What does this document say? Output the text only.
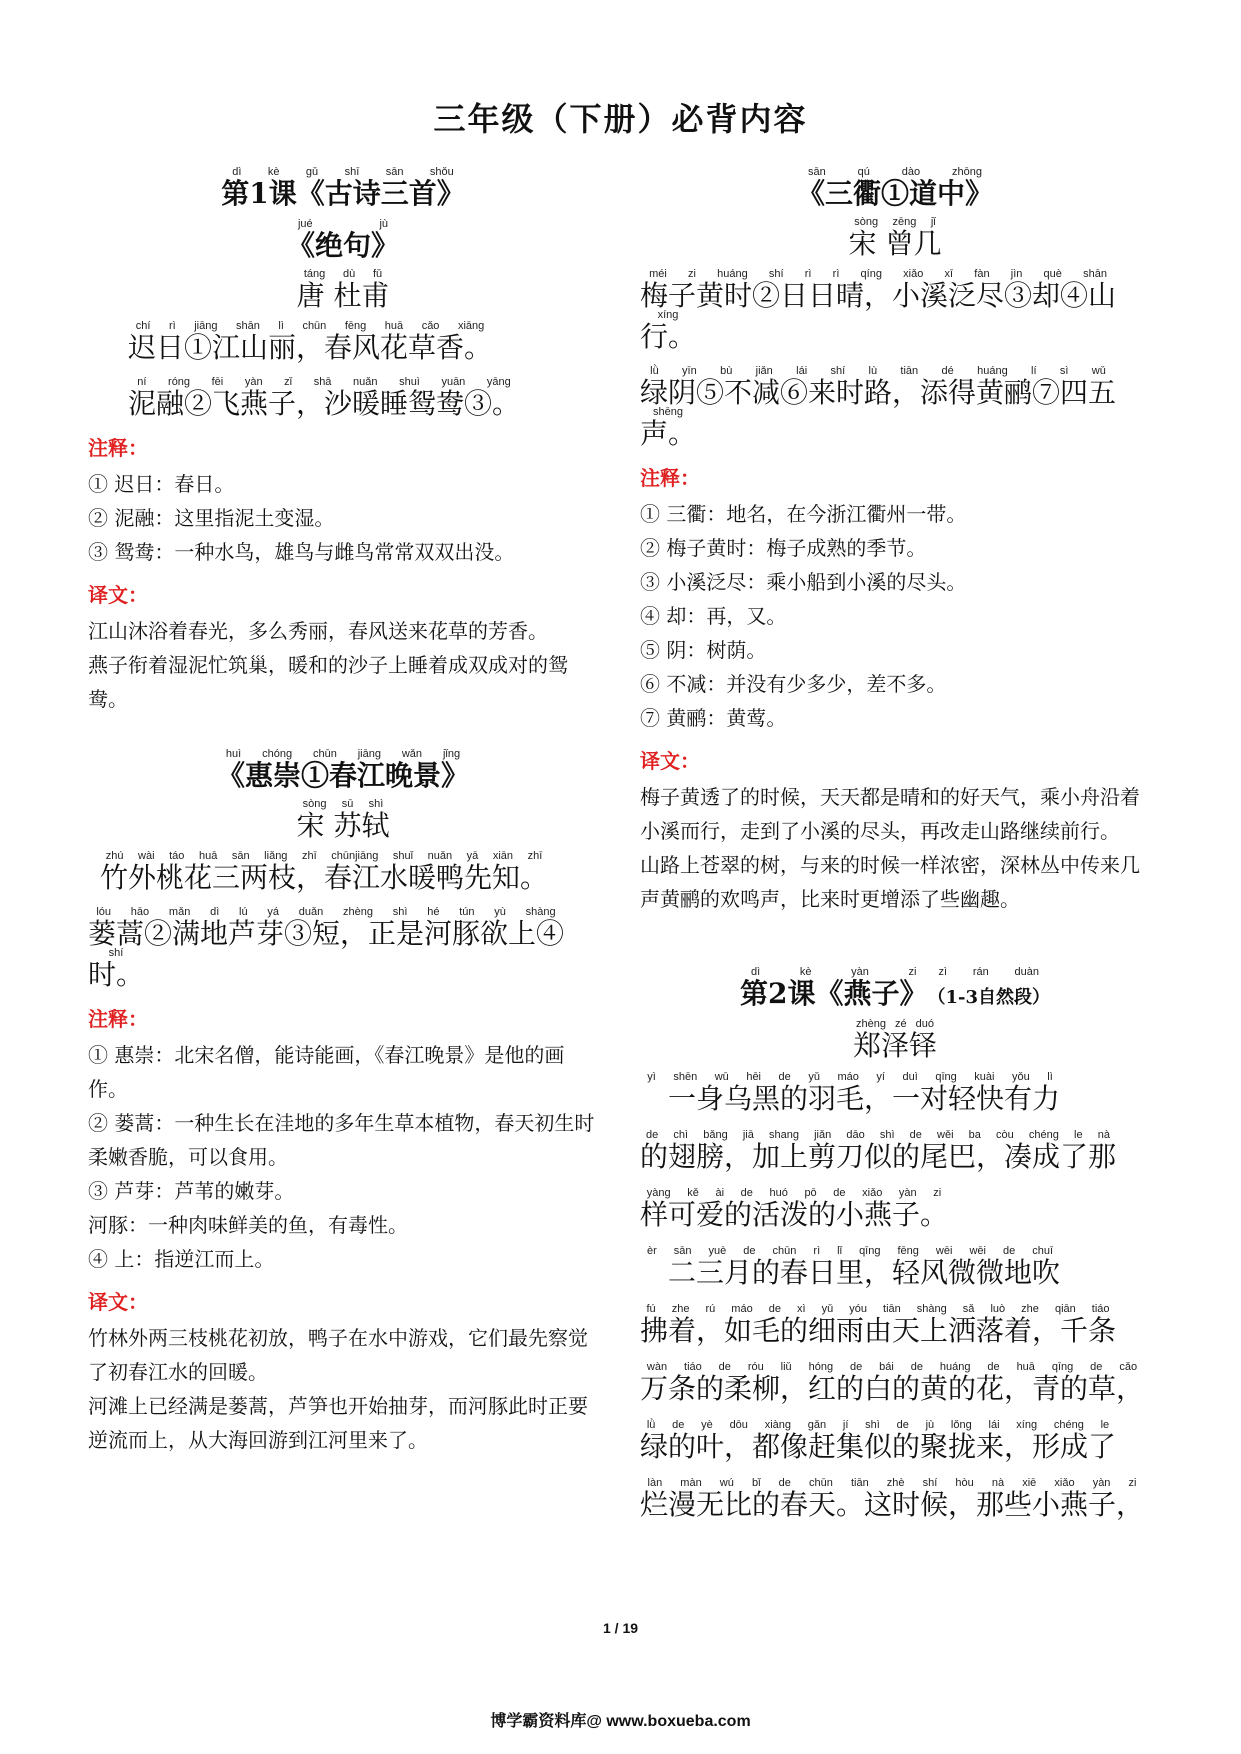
三年级（下册）必背内容
第1课《古诗三首》dì kè gǔ shī sān shǒu
《绝句》jué jù
唐 杜甫táng dù fǔ
迟日①江山丽，春风花草香。chí rì jiāng shān lì chūn fēng huā cǎo xiāng
泥融②飞燕子，沙暖睡鸳鸯③。ní róng fēi yàn zǐ shā nuǎn shuì yuān yāng
注释：

① 迟日：春日。

② 泥融：这里指泥土变湿。

③ 鸳鸯：一种水鸟，雄鸟与雌鸟常常双双出没。

译文：

江山沐浴着春光，多么秀丽，春风送来花草的芳香。

燕子衔着湿泥忙筑巢，暖和的沙子上睡着成双成对的鸳鸯。

《惠崇①春江晚景》huì chóng chūn jiāng wǎn jǐng
宋 苏轼sòng sū shì
竹外桃花三两枝，春江水暖鸭先知。zhú wài táo huā sān liǎng zhī chūnjiāng shuǐ nuǎn yā xiān zhī
蒌蒿②满地芦芽③短，正是河豚欲上④时。lóu hāo mǎn dì lú yá duǎn zhèng shì hé tún yù shàng shí
注释：

① 惠崇：北宋名僧，能诗能画，《春江晚景》是他的画作。

② 蒌蒿：一种生长在洼地的多年生草本植物，春天初生时柔嫩香脆，可以食用。

③ 芦芽：芦苇的嫩芽。

河豚：一种肉味鲜美的鱼，有毒性。

④ 上：指逆江而上。

译文：

竹林外两三枝桃花初放，鸭子在水中游戏，它们最先察觉了初春江水的回暖。

河滩上已经满是蒌蒿，芦笋也开始抽芽，而河豚此时正要逆流而上，从大海回游到江河里来了。

《三衢①道中》sān qú dào zhōng
宋 曾几sòng zēng jǐ
梅子黄时②日日晴，小溪泛尽③却④山行。méi zi huáng shí rì rì qíng xiǎo xī fàn jìn què shān xíng
绿阴⑤不减⑥来时路，添得黄鹂⑦四五声。lǜ yīn bù jiǎn lái shí lù tiān dé huáng lí sì wǔ shēng
注释：

① 三衢：地名，在今浙江衢州一带。

② 梅子黄时：梅子成熟的季节。

③ 小溪泛尽：乘小船到小溪的尽头。

④ 却：再，又。

⑤ 阴：树荫。

⑥ 不减：并没有少多少，差不多。

⑦ 黄鹂：黄莺。

译文：

梅子黄透了的时候，天天都是晴和的好天气，乘小舟沿着小溪而行，走到了小溪的尽头，再改走山路继续前行。

山路上苍翠的树，与来的时候一样浓密，深林丛中传来几声黄鹂的欢鸣声，比来时更增添了些幽趣。

第2课《燕子》dì kè yàn zi（1-3自然段）zì rán duàn
郑泽铎zhèng zé duó
　一身乌黑的羽毛，一对轻快有力yì shēn wū hēi de yǔ máo yí duì qīng kuài yǒu lì
的翅膀，加上剪刀似的尾巴，凑成了那de chì bǎng jiā shang jiǎn dāo shì de wěi ba còu chéng le nà
样可爱的活泼的小燕子。yàng kě ài de huó pō de xiǎo yàn zi
　二三月的春日里，轻风微微地吹èr sān yuè de chūn rì lǐ qīng fēng wēi wēi de chuī
拂着，如毛的细雨由天上洒落着，千条fú zhe rú máo de xì yǔ yóu tiān shàng sǎ luò zhe qiān tiáo
万条的柔柳，红的白的黄的花，青的草，wàn tiáo de róu liǔ hóng de bái de huáng de huā qīng de cǎo
绿的叶，都像赶集似的聚拢来，形成了lǜ de yè dōu xiàng gǎn jí shì de jù lǒng lái xíng chéng le
烂漫无比的春天。这时候，那些小燕子，làn màn wú bǐ de chūn tiān zhè shí hòu nà xiē xiǎo yàn zi
1 / 19
博学霸资料库@ www.boxueba.com
